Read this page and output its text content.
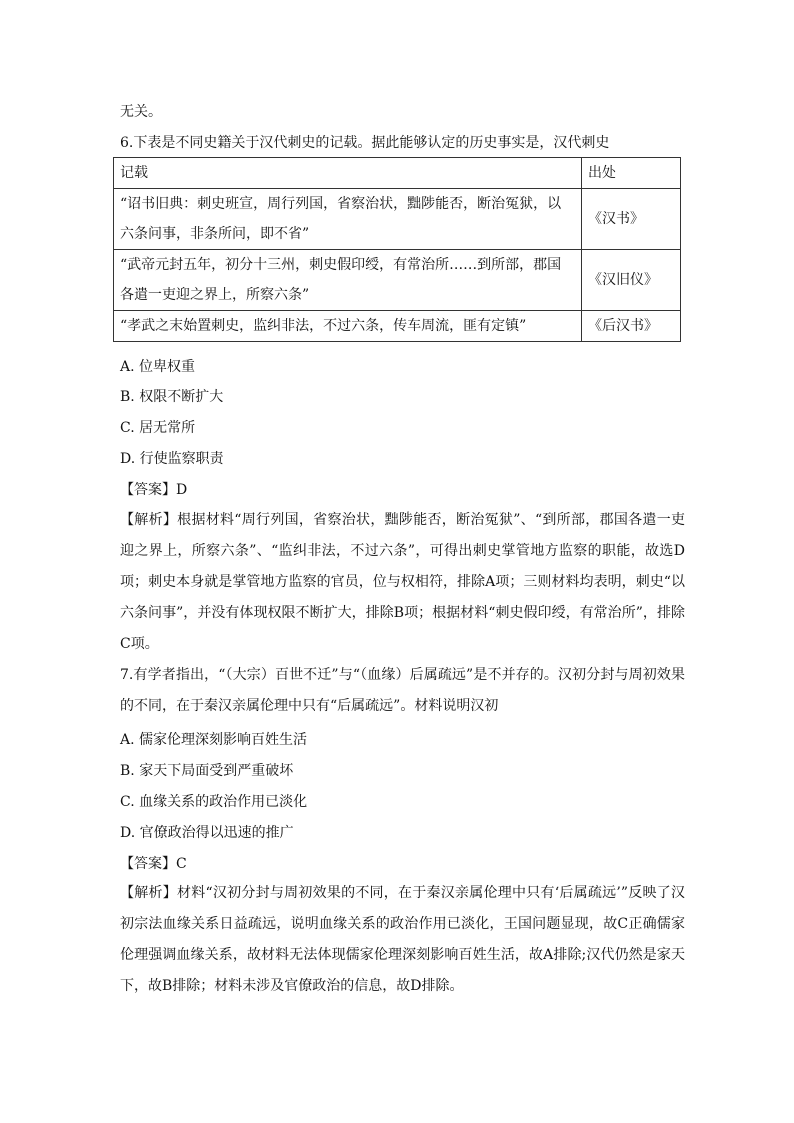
无关。
6.下表是不同史籍关于汉代刺史的记载。据此能够认定的历史事实是，汉代刺史
记载	出处
“诏书旧典：刺史班宣，周行列国，省察治状，黜陟能否，断治冤狱，以六条问事，非条所问，即不省”	《汉书》
“武帝元封五年，初分十三州，刺史假印绶，有常治所……到所部，郡国各遣一吏迎之界上，所察六条”	《汉旧仪》
“孝武之末始置刺史，监纠非法，不过六条，传车周流，匪有定镇”	《后汉书》
A. 位卑权重
B. 权限不断扩大
C. 居无常所
D. 行使监察职责
【答案】D
【解析】根据材料“周行列国，省察治状，黜陟能否，断治冤狱”、“到所部，郡国各遣一吏迎之界上，所察六条”、“监纠非法，不过六条”，可得出刺史掌管地方监察的职能，故选D项；刺史本身就是掌管地方监察的官员，位与权相符，排除A项；三则材料均表明，刺史“以六条问事”，并没有体现权限不断扩大，排除B项；根据材料“刺史假印绶，有常治所”，排除C项。
7.有学者指出，“（大宗）百世不迁”与“（血缘）后属疏远”是不并存的。汉初分封与周初效果的不同，在于秦汉亲属伦理中只有“后属疏远”。材料说明汉初
A. 儒家伦理深刻影响百姓生活
B. 家天下局面受到严重破坏
C. 血缘关系的政治作用已淡化
D. 官僚政治得以迅速的推广
【答案】C
【解析】材料“汉初分封与周初效果的不同，在于秦汉亲属伦理中只有‘后属疏远’”反映了汉初宗法血缘关系日益疏远，说明血缘关系的政治作用已淡化，王国问题显现，故C正确儒家伦理强调血缘关系，故材料无法体现儒家伦理深刻影响百姓生活，故A排除;汉代仍然是家天下，故B排除；材料未涉及官僚政治的信息，故D排除。
